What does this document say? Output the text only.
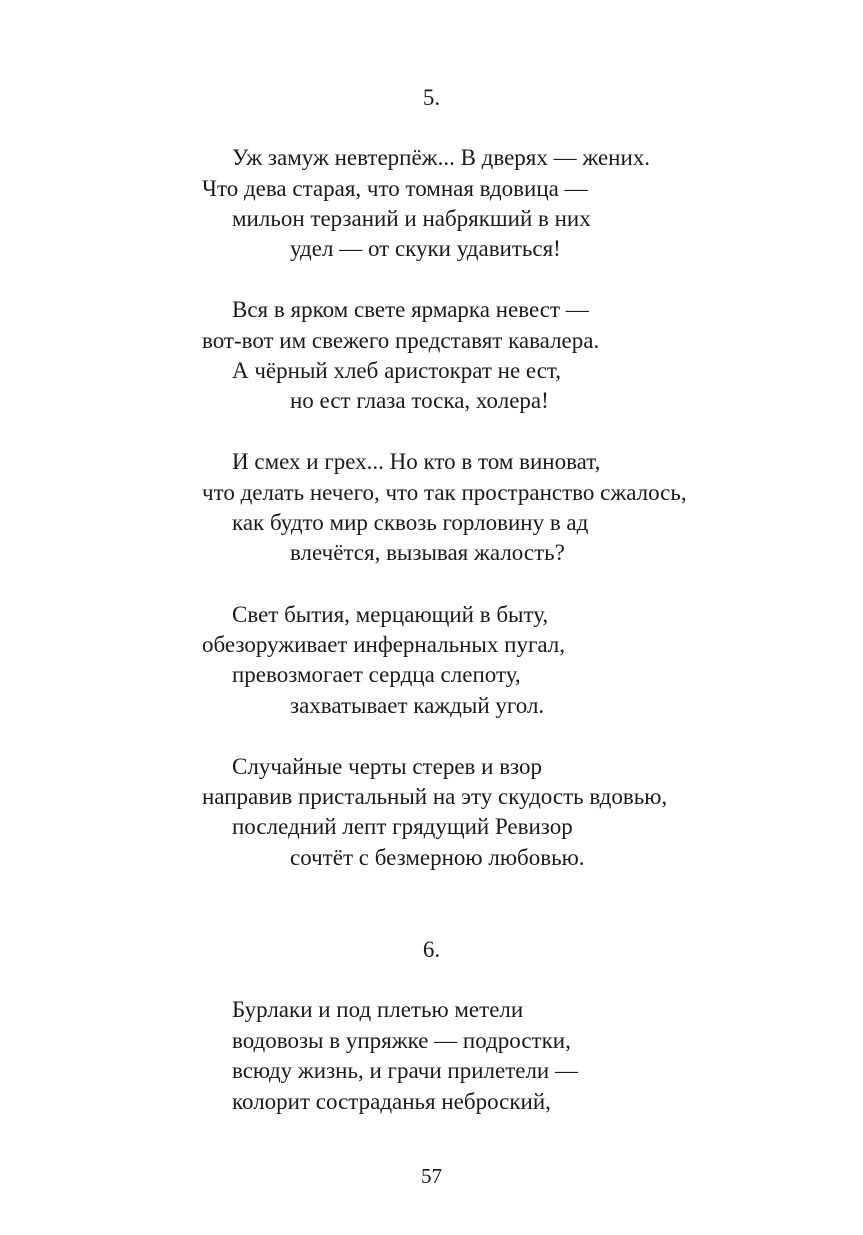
5.
Уж замуж невтерпёж... В дверях — жених.
Что дева старая, что томная вдовица —
мильон терзаний и набрякший в них
удел — от скуки удавиться!
Вся в ярком свете ярмарка невест —
вот-вот им свежего представят кавалера.
А чёрный хлеб аристократ не ест,
но ест глаза тоска, холера!
И смех и грех... Но кто в том виноват,
что делать нечего, что так пространство сжалось,
как будто мир сквозь горловину в ад
влечётся, вызывая жалость?
Свет бытия, мерцающий в быту,
обезоруживает инфернальных пугал,
превозмогает сердца слепоту,
захватывает каждый угол.
Случайные черты стерев и взор
направив пристальный на эту скудость вдовью,
последний лепт грядущий Ревизор
сочтёт с безмерною любовью.
6.
Бурлаки и под плетью метели
водовозы в упряжке — подростки,
всюду жизнь, и грачи прилетели —
колорит состраданья неброский,
57
